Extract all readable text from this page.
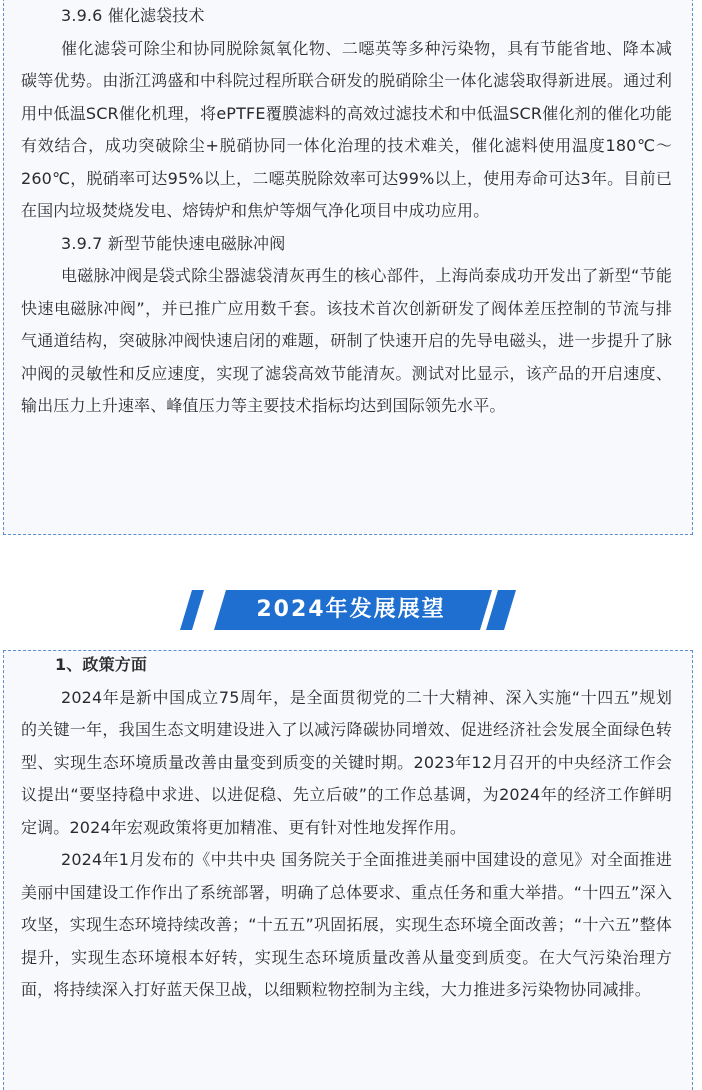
3.9.6 催化滤袋技术

催化滤袋可除尘和协同脱除氮氧化物、二噁英等多种污染物，具有节能省地、降本减碳等优势。由浙江鸿盛和中科院过程所联合研发的脱硝除尘一体化滤袋取得新进展。通过利用中低温SCR催化机理，将ePTFE覆膜滤料的高效过滤技术和中低温SCR催化剂的催化功能有效结合，成功突破除尘+脱硝协同一体化治理的技术难关，催化滤料使用温度180℃～260℃，脱硝率可达95%以上，二噁英脱除效率可达99%以上，使用寿命可达3年。目前已在国内垃圾焚烧发电、熔铸炉和焦炉等烟气净化项目中成功应用。

3.9.7 新型节能快速电磁脉冲阀

电磁脉冲阀是袋式除尘器滤袋清灰再生的核心部件，上海尚泰成功开发出了新型“节能快速电磁脉冲阀”，并已推广应用数千套。该技术首次创新研发了阀体差压控制的节流与排气通道结构，突破脉冲阀快速启闭的难题，研制了快速开启的先导电磁头，进一步提升了脉冲阀的灵敏性和反应速度，实现了滤袋高效节能清灰。测试对比显示，该产品的开启速度、输出压力上升速率、峰值压力等主要技术指标均达到国际领先水平。

2024年发展展望

1、政策方面

2024年是新中国成立75周年，是全面贯彻党的二十大精神、深入实施“十四五”规划的关键一年，我国生态文明建设进入了以减污降碳协同增效、促进经济社会发展全面绿色转型、实现生态环境质量改善由量变到质变的关键时期。2023年12月召开的中央经济工作会议提出“要坚持稳中求进、以进促稳、先立后破”的工作总基调，为2024年的经济工作鲜明定调。2024年宏观政策将更加精准、更有针对性地发挥作用。

2024年1月发布的《中共中央 国务院关于全面推进美丽中国建设的意见》对全面推进美丽中国建设工作作出了系统部署，明确了总体要求、重点任务和重大举措。“十四五”深入攻坚，实现生态环境持续改善；“十五五”巩固拓展，实现生态环境全面改善；“十六五”整体提升，实现生态环境根本好转，实现生态环境质量改善从量变到质变。在大气污染治理方面，将持续深入打好蓝天保卫战，以细颗粒物控制为主线，大力推进多污染物协同减排。
